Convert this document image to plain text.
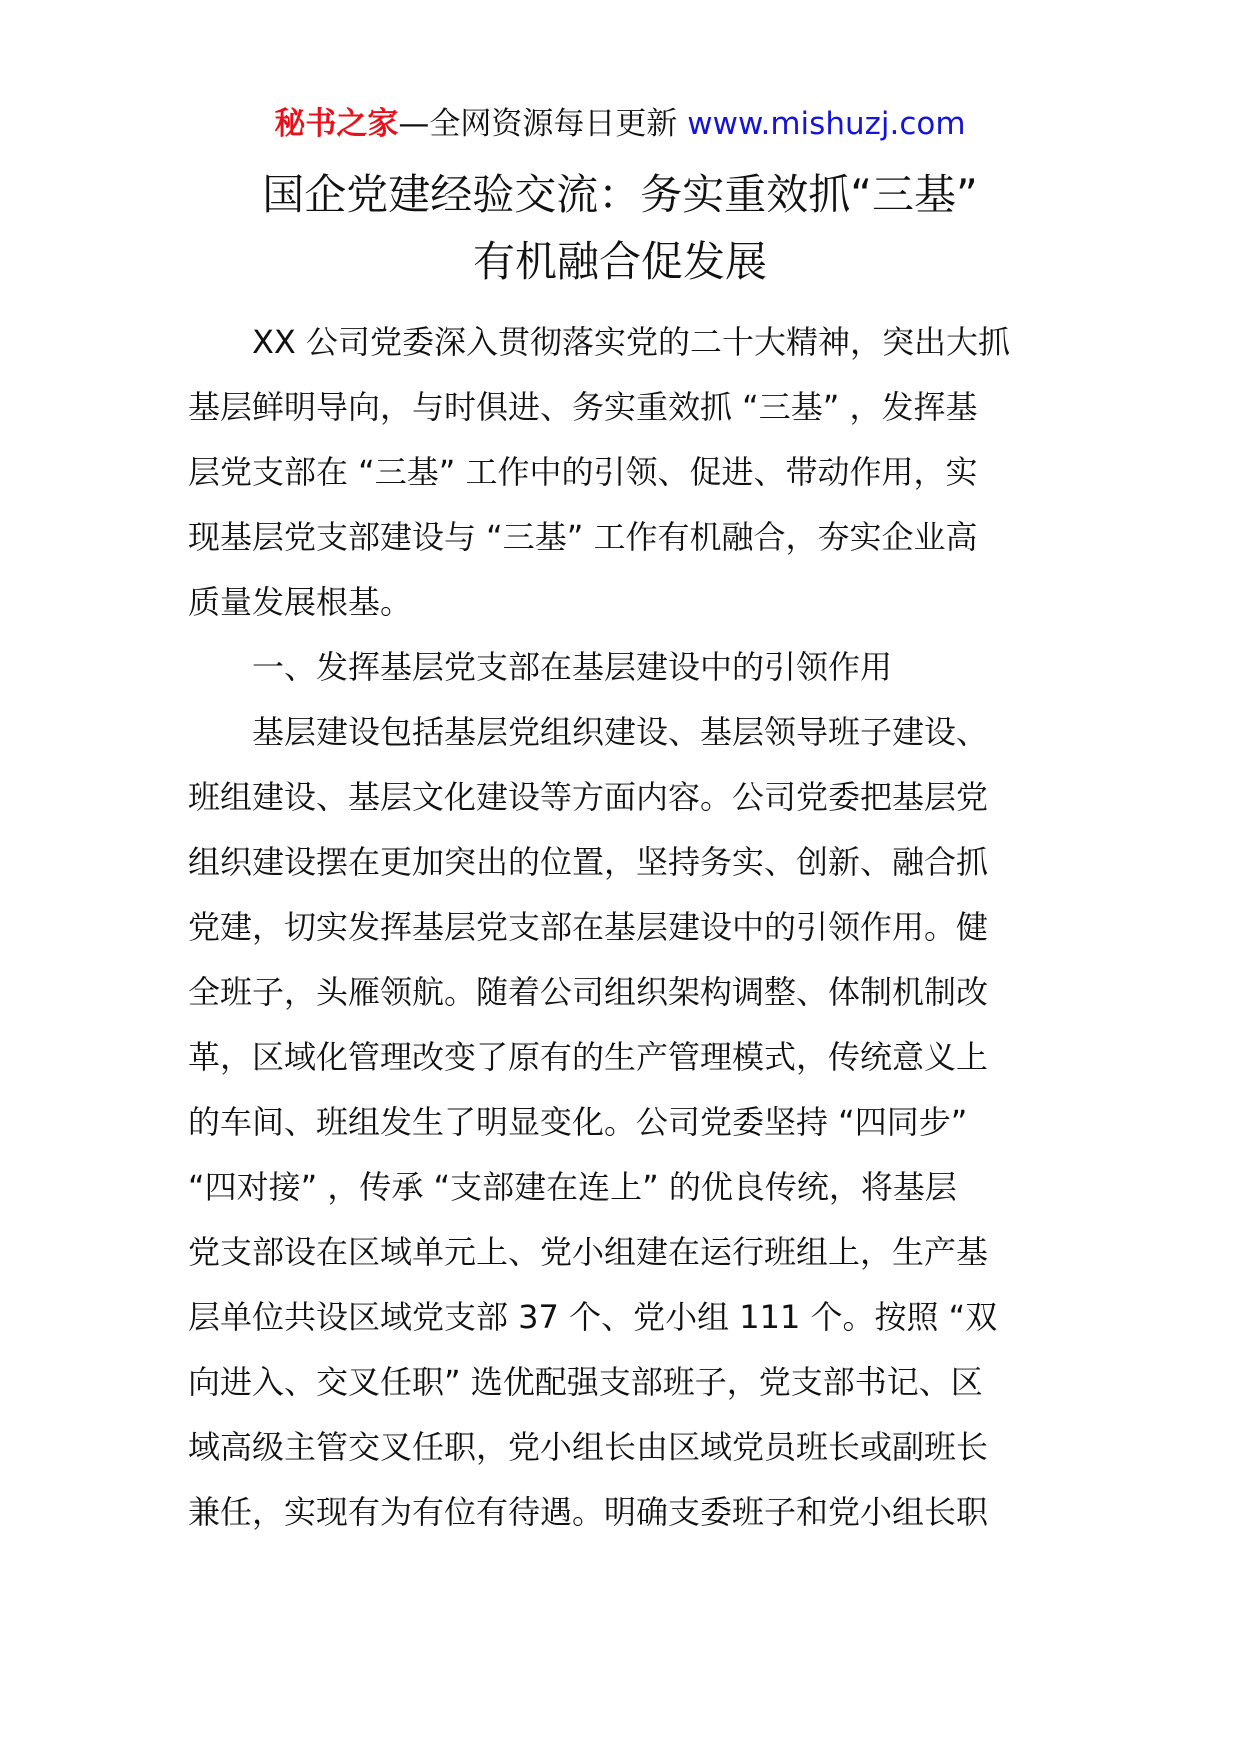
秘书之家—全网资源每日更新 www.mishuzj.com
国企党建经验交流：务实重效抓“三基”
有机融合促发展
XX 公司党委深入贯彻落实党的二十大精神，突出大抓
基层鲜明导向，与时俱进、务实重效抓 “三基” ，发挥基
层党支部在 “三基” 工作中的引领、促进、带动作用，实
现基层党支部建设与 “三基” 工作有机融合，夯实企业高
质量发展根基。
一、发挥基层党支部在基层建设中的引领作用
基层建设包括基层党组织建设、基层领导班子建设、
班组建设、基层文化建设等方面内容。公司党委把基层党
组织建设摆在更加突出的位置，坚持务实、创新、融合抓
党建，切实发挥基层党支部在基层建设中的引领作用。健
全班子，头雁领航。随着公司组织架构调整、体制机制改
革，区域化管理改变了原有的生产管理模式，传统意义上
的车间、班组发生了明显变化。公司党委坚持 “四同步”
“四对接” ，传承 “支部建在连上” 的优良传统，将基层
党支部设在区域单元上、党小组建在运行班组上，生产基
层单位共设区域党支部 37 个、党小组 111 个。按照 “双
向进入、交叉任职” 选优配强支部班子，党支部书记、区
域高级主管交叉任职，党小组长由区域党员班长或副班长
兼任，实现有为有位有待遇。明确支委班子和党小组长职
